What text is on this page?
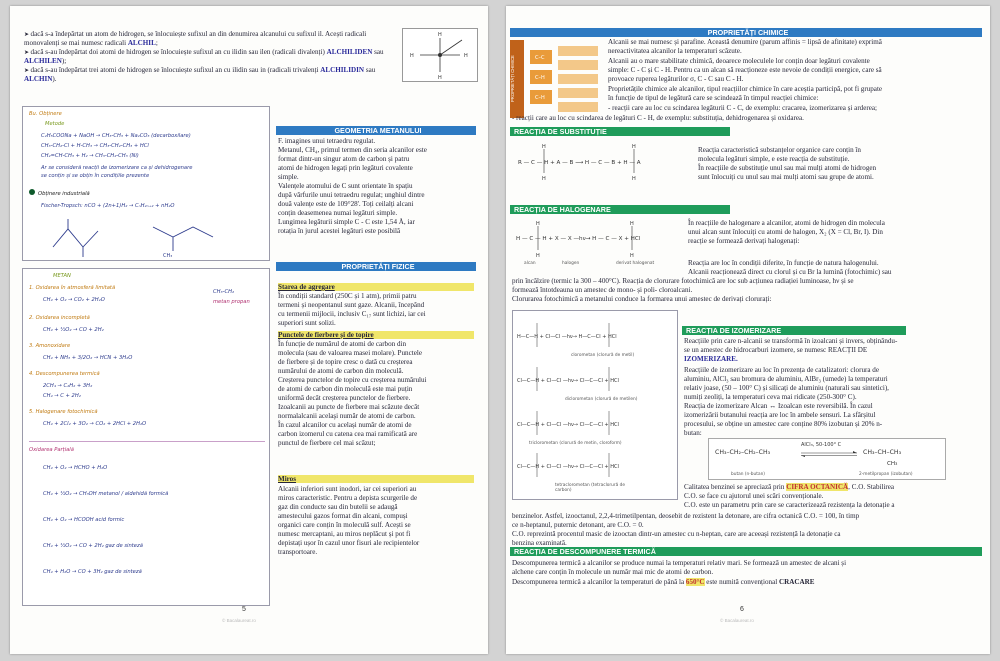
➤ dacă s-a îndepărtat un atom de hidrogen, se înlocuiește sufixul an din denumirea alcanului cu sufixul il. Acești radicali monovalenți se mai numesc radicali ALCHIL;
➤ dacă s-au îndepărtat doi atomi de hidrogen se înlocuiește sufixul an cu ilidin sau ilen (radicali divalenți) ALCHILIDEN sau ALCHILEN);
➤ dacă s-au îndepărtat trei atomi de hidrogen se înlocuiește sufixul an cu ilidin sau in (radicali trivalenți ALCHILIDIN sau ALCHIN).
H	H
H
H
Bu. Obținere
Metode
C₂H₅COONa + NaOH → CH₃-CH₃ + Na₂CO₃ (decarboxilare)
CH₃-CH₂-Cl + H-CH₃ → CH₃-CH₂-CH₃ + HCl
CH₂=CH-CH₃ + H₂ → CH₃-CH₂-CH₃ (Ni)
Ar se consideră reacții de izomerizare ca și dehidrogenare
se conțin și se obțin în condițiile prezente
Obținere industrială
Fischer-Tropsch: nCO + (2n+1)H₂ → CₙH₂ₙ₊₂ + nH₂O
CH₃
GEOMETRIA METANULUI
F. imagines unui tetraedru regulat.
Metanul, CH₄, primul termen din seria alcanilor este
format dintr-un singur atom de carbon și patru
atomi de hidrogen legați prin legături covalente
simple.
Valențele atomului de C sunt orientate în spațiu
după vârfurile unui tetraedru regulat; unghiul dintre
două valențe este de 109°28'. Toți ceilalți alcani
conțin deasemenea numai legături simple.
Lungimea legăturii simple C - C este 1,54 Å, iar
rotația în jurul acestei legături este posibilă
METAN
1. Oxidarea în atmosferă limitată
CH₄ + O₂ → CO₂ + 2H₂O
2. Oxidarea incompletă
CH₄ + ½O₂ → CO + 2H₂
3. Amonoxidare
CH₄ + NH₃ + 3/2O₂ → HCN + 3H₂O
4. Descompunerea termică
2CH₄ → C₂H₂ + 3H₂
CH₄ → C + 2H₂
5. Halogenare fotochimică
CH₄ + 2Cl₂ + 3O₂ → CO₂ + 2HCl + 2H₂O
CH₃-CH₂
metan propan
Oxidarea Parțială
CH₄ + O₂ → HCHO + H₂O
CH₄ + ½O₂ → CH₃OH metanol / aldehidă formică
CH₄ + O₂ → HCOOH acid formic
CH₄ + ½O₂ → CO + 2H₂ gaz de sinteză
CH₄ + H₂O → CO + 3H₂ gaz de sinteză
PROPRIETĂȚI FIZICE
Starea de agregare
În condiții standard (250C și 1 atm), primii patru
termeni și neopentanul sunt gaze. Alcanii, începând
cu termenii mijlocii, inclusiv C₁₇ sunt lichizi, iar cei
superiori sunt solizi.
Punctele de fierbere și de topire
În funcție de numărul de atomi de carbon din
molecula (sau de valoarea masei molare). Punctele
de fierbere și de topire cresc o dată cu creșterea
numărului de atomi de carbon din moleculă.
Creșterea punctelor de topire cu creșterea numărului
de atomi de carbon din moleculă este mai puțin
uniformă decât creșterea punctelor de fierbere.
Izoalcanii au puncte de fierbere mai scăzute decât
normalalcanii acelaşi număr de atomi de carbon.
În cazul alcanilor cu același număr de atomi de
carbon izomerul cu catena cea mai ramificată are
punctul de fierbere cel mai scăzut;
Miros
Alcanii inferiori sunt inodori, iar cei superiori au
miros caracteristic. Pentru a depista scurgerile de
gaz din conducte sau din butelii se adaugă
amestecului gazos format din alcani, compuși
organici care conțin în moleculă sulf. Acești se
numesc mercaptani, au miros neplăcut și pot fi
depistați ușor în cazul unor fisuri ale recipientelor
transportoare.
5
© Bacalaureat.ro
PROPRIETĂȚI CHIMICE
C–C
C–H
C–H
PROPRIETĂȚI CHIMICE
Alcanii se mai numesc și parafine. Această denumire (parum affinis = lipsă de afinitate) exprimă
nereactivitatea alcanilor la temperaturi scăzute.
Alcanii au o mare stabilitate chimică, deoarece moleculele lor conțin doar legături covalente
simple: C - C și C - H. Pentru ca un alcan să reacționeze este nevoie de condiții energice, care să
provoace ruperea legăturilor σ, C - C sau C - H.
Proprietățile chimice ale alcanilor, tipul reacțiilor chimice în care aceștia participă, pot fi grupate
în funcție de tipul de legătură care se scindează în timpul reacției chimice:
- reacții care au loc cu scindarea legăturii C - C, de exemplu: cracarea, izomerizarea și arderea;
- reacții care au loc cu scindarea de legături C - H, de exemplu: substituția, dehidrogenarea și oxidarea.
REACȚIA DE SUBSTITUȚIE
H
H
H
H
R — C — H + A — B ⟶ H — C — B + H — A
Reacția caracteristică substanțelor organice care conțin în
molecula legături simple, e este reacția de substituție.
În reacțiile de substituție unul sau mai mulți atomi de hidrogen
sunt înlocuiți cu unul sau mai mulți atomi sau grupe de atomi.
REACȚIA DE HALOGENARE
H
H
H
H
H — C — H + X — X —hν→ H — C — X + HCl
alcan	halogen	derivat halogenat
În reacțiile de halogenare a alcanilor, atomi de hidrogen din molecula
unui alcan sunt înlocuiți cu atomi de halogen, X₂ (X = Cl, Br, I). Din
reacție se formează derivați halogenați:
Reacția are loc în condiții diferite, în funcție de natura halogenului.
Alcanii reacționează direct cu clorul și cu Br la lumină (fotochimic) sau
prin încălzire (termic la 300 – 400°C). Reacția de clorurare fotochimică are loc sub acțiunea radiației luminoase, hν și se
formează întotdeauna un amestec de mono- și poli- cloroalcani.
Clorurarea fotochimică a metanului conduce la formarea unui amestec de derivați clorurați:
H—C—H + Cl—Cl —hν→ H—C—Cl + HCl
Cl—C—H + Cl—Cl —hν→ Cl—C—Cl + HCl
Cl—C—H + Cl—Cl —hν→ Cl—C—Cl + HCl
Cl—C—H + Cl—Cl —hν→ Cl—C—Cl + HCl
clorometan (clorură de metil)
diclorometan (clorură de metilen)
triclorometan (clorură de metin, cloroform)
tetraclorometan (tetraclorură de carbon)
REACȚIA DE IZOMERIZARE
Reacțiile prin care n-alcanii se transformă în izoalcani și invers, obținându-
se un amestec de hidrocarburi izomere, se numesc REACȚII DE
IZOMERIZARE.
Reacțiile de izomerizare au loc în prezența de catalizatori: clorura de
aluminiu, AlCl₃ sau bromura de aluminiu, AlBr₃ (umede) la temperaturi
relativ joase, (50 – 100° C) și silicați de aluminiu (naturali sau sintetici),
numiți zeoliți, la temperaturi ceva mai ridicate (250-300° C).
Reacția de izomerizare Alcan ↔ Izoalcan este reversibilă. În cazul
izomerizării butanului reacția are loc în ambele sensuri. La sfârșitul
procesului, se obține un amestec care conține 80% izobutan și 20% n-
butan:
CH₃–CH₂–CH₂–CH₃
AlCl₃, 50-100° C
⇌ CH₃–CH–CH₃
CH₃
butan (n-butan)	2-metilpropan (izobutan)
Calitatea benzinei se apreciază prin CIFRA OCTANICĂ, C.O. Stabilirea
C.O. se face cu ajutorul unei scări convenționale.
C.O. este un parametru prin care se caracterizează rezistența la detonație a
benzinelor. Astfel, izooctanul, 2,2,4-trimetilpentan, deosebit de rezistent la detonare, are cifra octanică C.O. = 100, în timp
ce n-heptanul, puternic detonant, are C.O. = 0.
C.O. reprezintă procentul masic de izooctan dintr-un amestec cu n-heptan, care are aceeași rezistență la detonație ca
benzina examinată.
REACȚIA DE DESCOMPUNERE TERMICĂ
Descompunerea termică a alcanilor se produce numai la temperaturi relativ mari. Se formează un amestec de alcani și
alchene care conțin în molecule un număr mai mic de atomi de carbon.
Descompunerea termică a alcanilor la temperaturi de până la 650°C este numită convențional CRACARE
6
© Bacalaureat.ro
